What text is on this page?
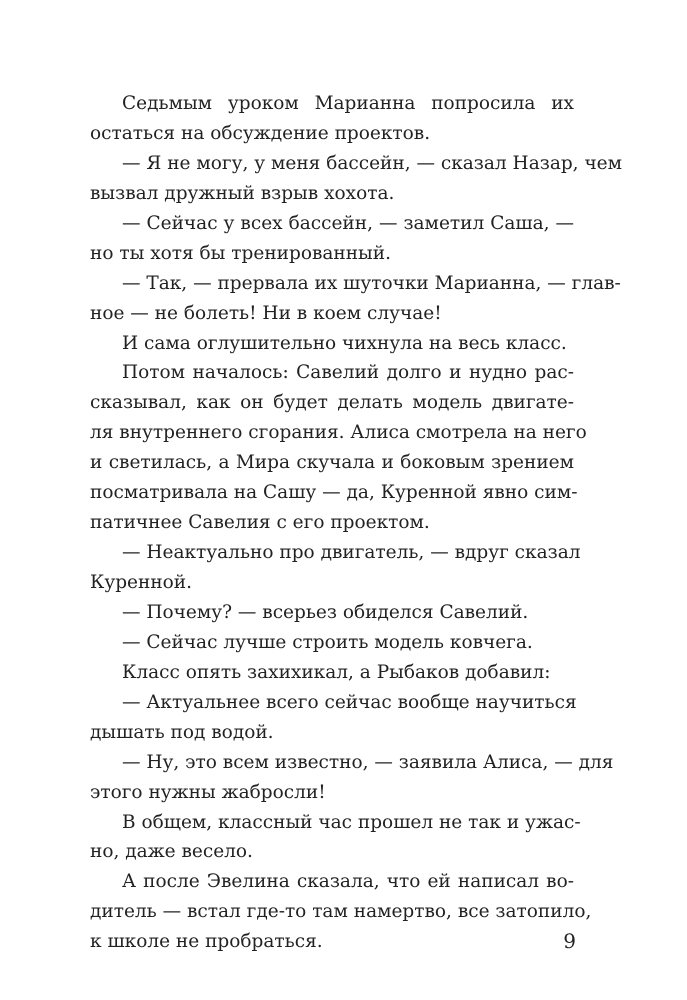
Седьмым уроком Марианна попросила их
остаться на обсуждение проектов.
— Я не могу, у меня бассейн, — сказал Назар, чем
вызвал дружный взрыв хохота.
— Сейчас у всех бассейн, — заметил Саша, —
но ты хотя бы тренированный.
— Так, — прервала их шуточки Марианна, — глав-
ное — не болеть! Ни в коем случае!
И сама оглушительно чихнула на весь класс.
Потом началось: Савелий долго и нудно рас-
сказывал, как он будет делать модель двигате-
ля внутреннего сгорания. Алиса смотрела на него
и светилась, а Мира скучала и боковым зрением
посматривала на Сашу — да, Куренной явно сим-
патичнее Савелия с его проектом.
— Неактуально про двигатель, — вдруг сказал
Куренной.
— Почему? — всерьез обиделся Савелий.
— Сейчас лучше строить модель ковчега.
Класс опять захихикал, а Рыбаков добавил:
— Актуальнее всего сейчас вообще научиться
дышать под водой.
— Ну, это всем известно, — заявила Алиса, — для
этого нужны жабросли!
В общем, классный час прошел не так и ужас-
но, даже весело.
А после Эвелина сказала, что ей написал во-
дитель — встал где-то там намертво, все затопило,
к школе не пробраться.	9
